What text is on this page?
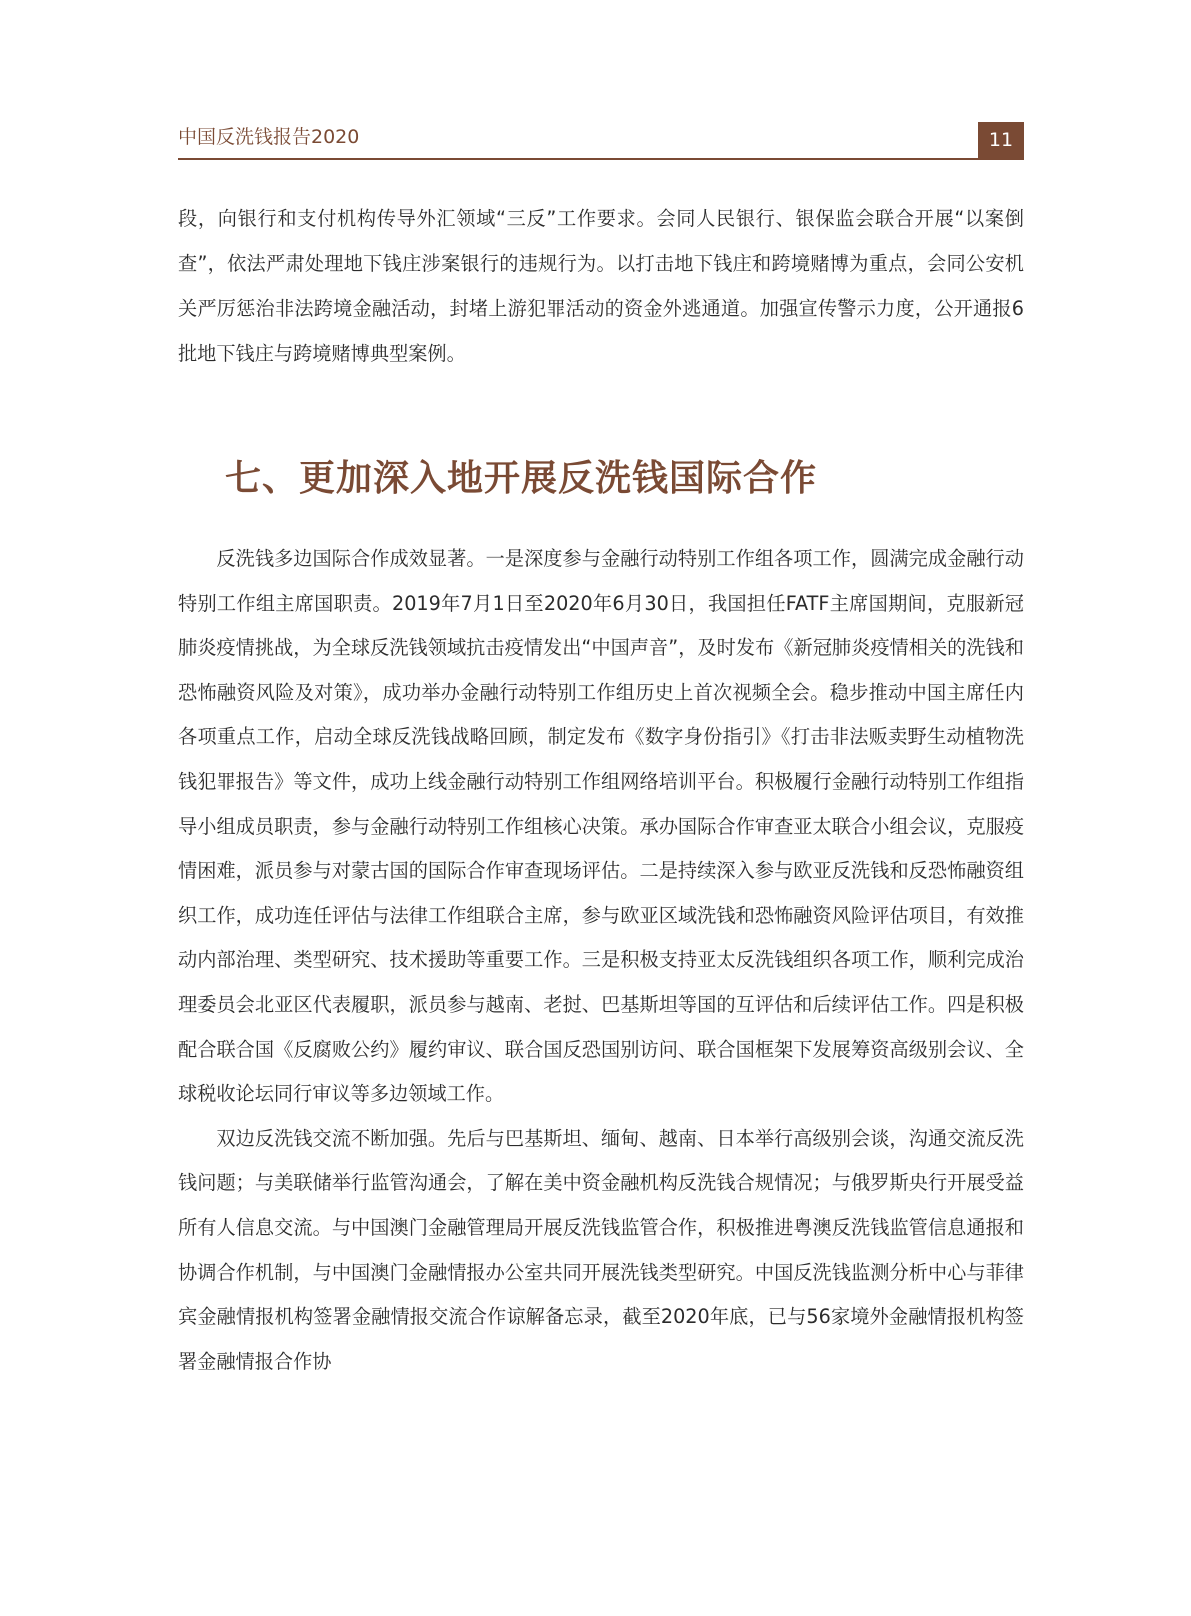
中国反洗钱报告2020	11

段，向银行和支付机构传导外汇领域“三反”工作要求。会同人民银行、银保监会联合开展“以案倒查”，依法严肃处理地下钱庄涉案银行的违规行为。以打击地下钱庄和跨境赌博为重点，会同公安机关严厉惩治非法跨境金融活动，封堵上游犯罪活动的资金外逃通道。加强宣传警示力度，公开通报6批地下钱庄与跨境赌博典型案例。

七、更加深入地开展反洗钱国际合作

反洗钱多边国际合作成效显著。一是深度参与金融行动特别工作组各项工作，圆满完成金融行动特别工作组主席国职责。2019年7月1日至2020年6月30日，我国担任FATF主席国期间，克服新冠肺炎疫情挑战，为全球反洗钱领域抗击疫情发出“中国声音”，及时发布《新冠肺炎疫情相关的洗钱和恐怖融资风险及对策》，成功举办金融行动特别工作组历史上首次视频全会。稳步推动中国主席任内各项重点工作，启动全球反洗钱战略回顾，制定发布《数字身份指引》《打击非法贩卖野生动植物洗钱犯罪报告》等文件，成功上线金融行动特别工作组网络培训平台。积极履行金融行动特别工作组指导小组成员职责，参与金融行动特别工作组核心决策。承办国际合作审查亚太联合小组会议，克服疫情困难，派员参与对蒙古国的国际合作审查现场评估。二是持续深入参与欧亚反洗钱和反恐怖融资组织工作，成功连任评估与法律工作组联合主席，参与欧亚区域洗钱和恐怖融资风险评估项目，有效推动内部治理、类型研究、技术援助等重要工作。三是积极支持亚太反洗钱组织各项工作，顺利完成治理委员会北亚区代表履职，派员参与越南、老挝、巴基斯坦等国的互评估和后续评估工作。四是积极配合联合国《反腐败公约》履约审议、联合国反恐国别访问、联合国框架下发展筹资高级别会议、全球税收论坛同行审议等多边领域工作。

双边反洗钱交流不断加强。先后与巴基斯坦、缅甸、越南、日本举行高级别会谈，沟通交流反洗钱问题；与美联储举行监管沟通会，了解在美中资金融机构反洗钱合规情况；与俄罗斯央行开展受益所有人信息交流。与中国澳门金融管理局开展反洗钱监管合作，积极推进粤澳反洗钱监管信息通报和协调合作机制，与中国澳门金融情报办公室共同开展洗钱类型研究。中国反洗钱监测分析中心与菲律宾金融情报机构签署金融情报交流合作谅解备忘录，截至2020年底，已与56家境外金融情报机构签署金融情报合作协
